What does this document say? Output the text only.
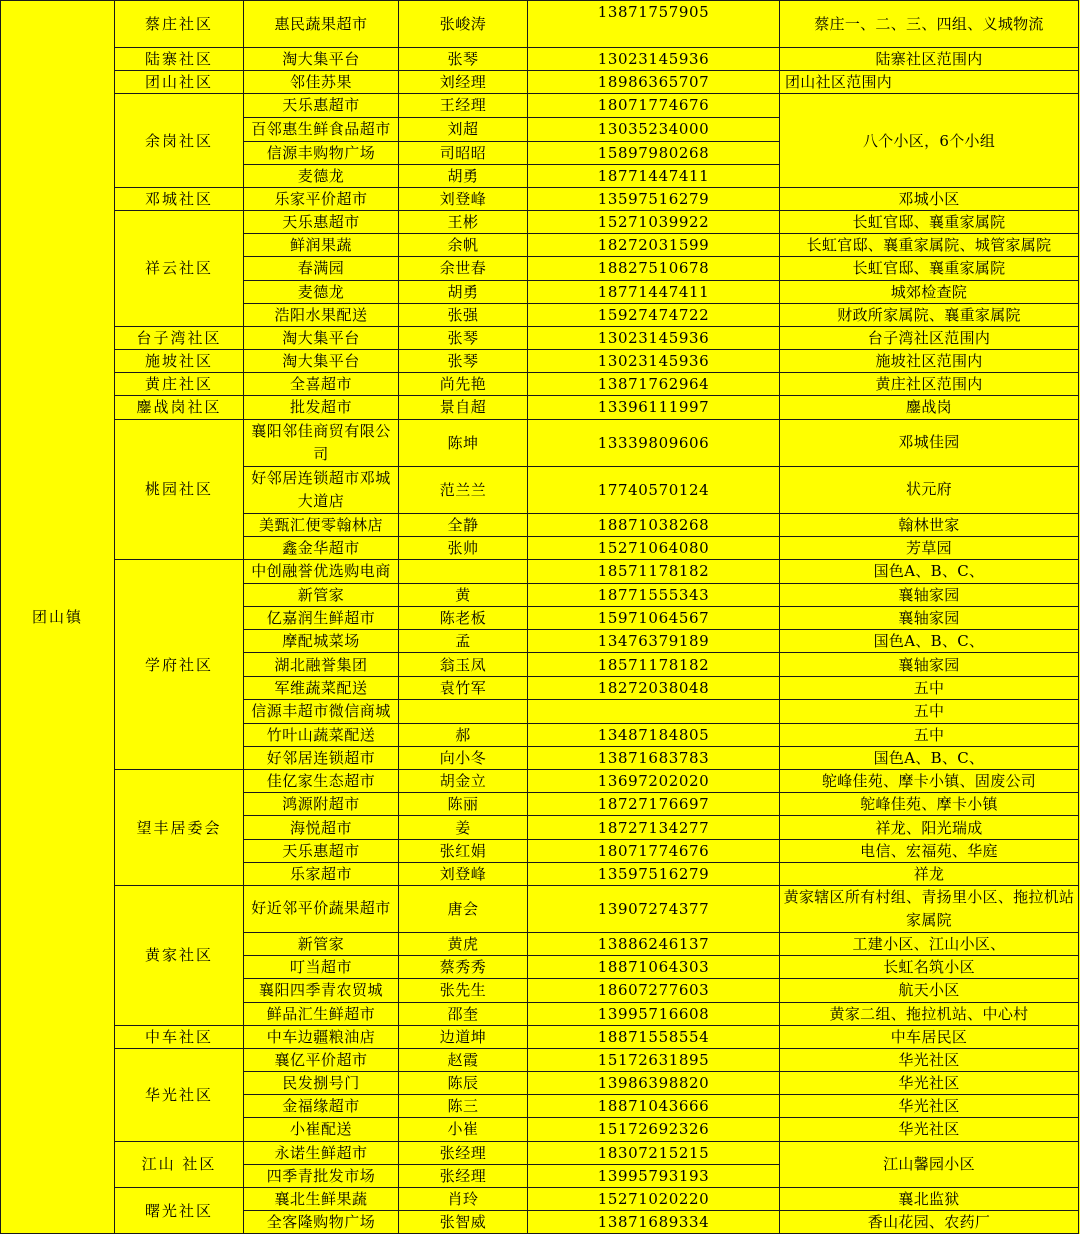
团山镇	蔡庄社区	惠民蔬果超市	张峻涛	13871757905	蔡庄一、二、三、四组、义城物流
	陆寨社区	淘大集平台	张琴	13023145936	陆寨社区范围内
	团山社区	邻佳苏果	刘经理	18986365707	团山社区范围内
	余岗社区	天乐惠超市	王经理	18071774676	八个小区，6个小组
		百邻惠生鲜食品超市	刘超	13035234000	
		信源丰购物广场	司昭昭	15897980268	
		麦德龙	胡勇	18771447411	
	邓城社区	乐家平价超市	刘登峰	13597516279	邓城小区
	祥云社区	天乐惠超市	王彬	15271039922	长虹官邸、襄重家属院
		鲜润果蔬	余帆	18272031599	长虹官邸、襄重家属院、城管家属院
		春满园	余世春	18827510678	长虹官邸、襄重家属院
		麦德龙	胡勇	18771447411	城郊检查院
		浩阳水果配送	张强	15927474722	财政所家属院、襄重家属院
	台子湾社区	淘大集平台	张琴	13023145936	台子湾社区范围内
	施坡社区	淘大集平台	张琴	13023145936	施坡社区范围内
	黄庄社区	全喜超市	尚先艳	13871762964	黄庄社区范围内
	鏖战岗社区	批发超市	景自超	13396111997	鏖战岗
	桃园社区	襄阳邻佳商贸有限公司	陈坤	13339809606	邓城佳园
		好邻居连锁超市邓城大道店	范兰兰	17740570124	状元府
		美甄汇便零翰林店	全静	18871038268	翰林世家
		鑫金华超市	张帅	15271064080	芳草园
	学府社区	中创融誉优选购电商		18571178182	国色A、B、C、
		新管家	黄	18771555343	襄轴家园
		亿嘉润生鲜超市	陈老板	15971064567	襄轴家园
		摩配城菜场	孟	13476379189	国色A、B、C、
		湖北融誉集团	翁玉凤	18571178182	襄轴家园
		军维蔬菜配送	袁竹军	18272038048	五中
		信源丰超市微信商城			五中
		竹叶山蔬菜配送	郝	13487184805	五中
		好邻居连锁超市	向小冬	13871683783	国色A、B、C、
	望丰居委会	佳亿家生态超市	胡金立	13697202020	鸵峰佳苑、摩卡小镇、固废公司
		鸿源附超市	陈丽	18727176697	鸵峰佳苑、摩卡小镇
		海悦超市	姜	18727134277	祥龙、阳光瑞成
		天乐惠超市	张红娟	18071774676	电信、宏福苑、华庭
		乐家超市	刘登峰	13597516279	祥龙
	黄家社区	好近邻平价蔬果超市	唐会	13907274377	黄家辖区所有村组、青扬里小区、拖拉机站家属院
		新管家	黄虎	13886246137	工建小区、江山小区、
		叮当超市	蔡秀秀	18871064303	长虹名筑小区
		襄阳四季青农贸城	张先生	18607277603	航天小区
		鲜品汇生鲜超市	邵奎	13995716608	黄家二组、拖拉机站、中心村
	中车社区	中车边疆粮油店	边道坤	18871558554	中车居民区
	华光社区	襄亿平价超市	赵霞	15172631895	华光社区
		民发捌号门	陈辰	13986398820	华光社区
		金福缘超市	陈三	18871043666	华光社区
		小崔配送	小崔	15172692326	华光社区
	江山 社区	永诺生鲜超市	张经理	18307215215	江山馨园小区
		四季青批发市场	张经理	13995793193	
	曙光社区	襄北生鲜果蔬	肖玲	15271020220	襄北监狱
		全客隆购物广场	张智威	13871689334	香山花园、农药厂
